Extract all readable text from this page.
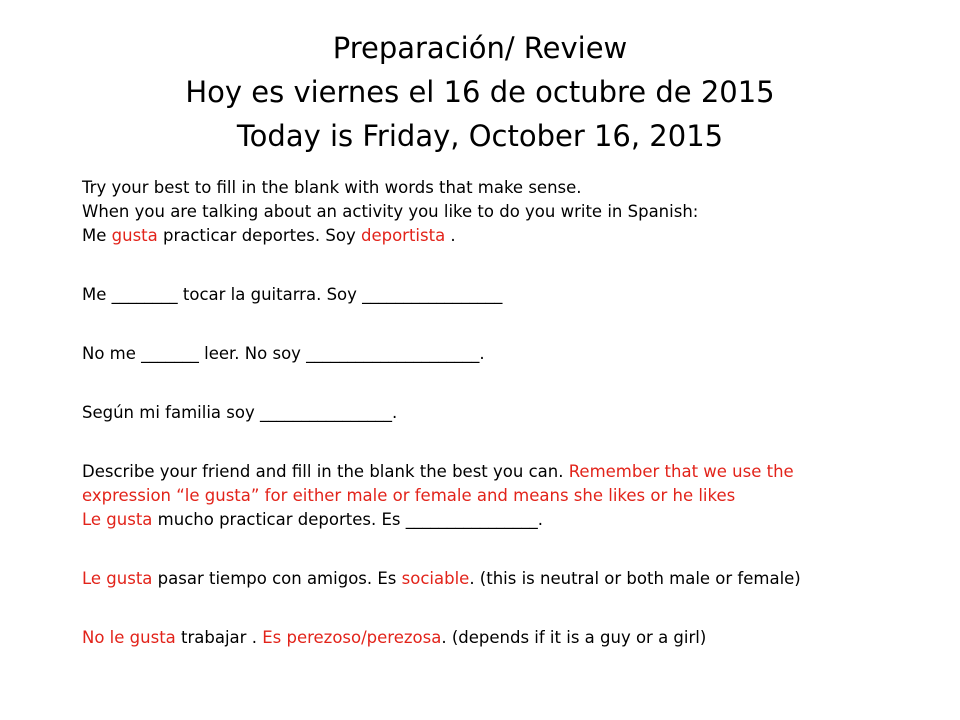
Preparación/ Review
Hoy es viernes el 16 de octubre de 2015
Today is Friday, October 16, 2015
Try your best to fill in the blank with words that make sense.
When you are talking about an activity you like to do you write in Spanish:
Me gusta practicar deportes. Soy deportista .
Me ________ tocar la guitarra. Soy _________________
No me _______ leer. No soy _____________________.
Según mi familia soy ________________.
Describe your friend and fill in the blank the best you can. Remember that we use the expression “le gusta” for either male or female and means she likes or he likes
Le gusta mucho practicar deportes. Es ________________.
Le gusta pasar tiempo con amigos. Es sociable. (this is neutral or both male or female)
No le gusta trabajar . Es perezoso/perezosa. (depends if it is a guy or a girl)
